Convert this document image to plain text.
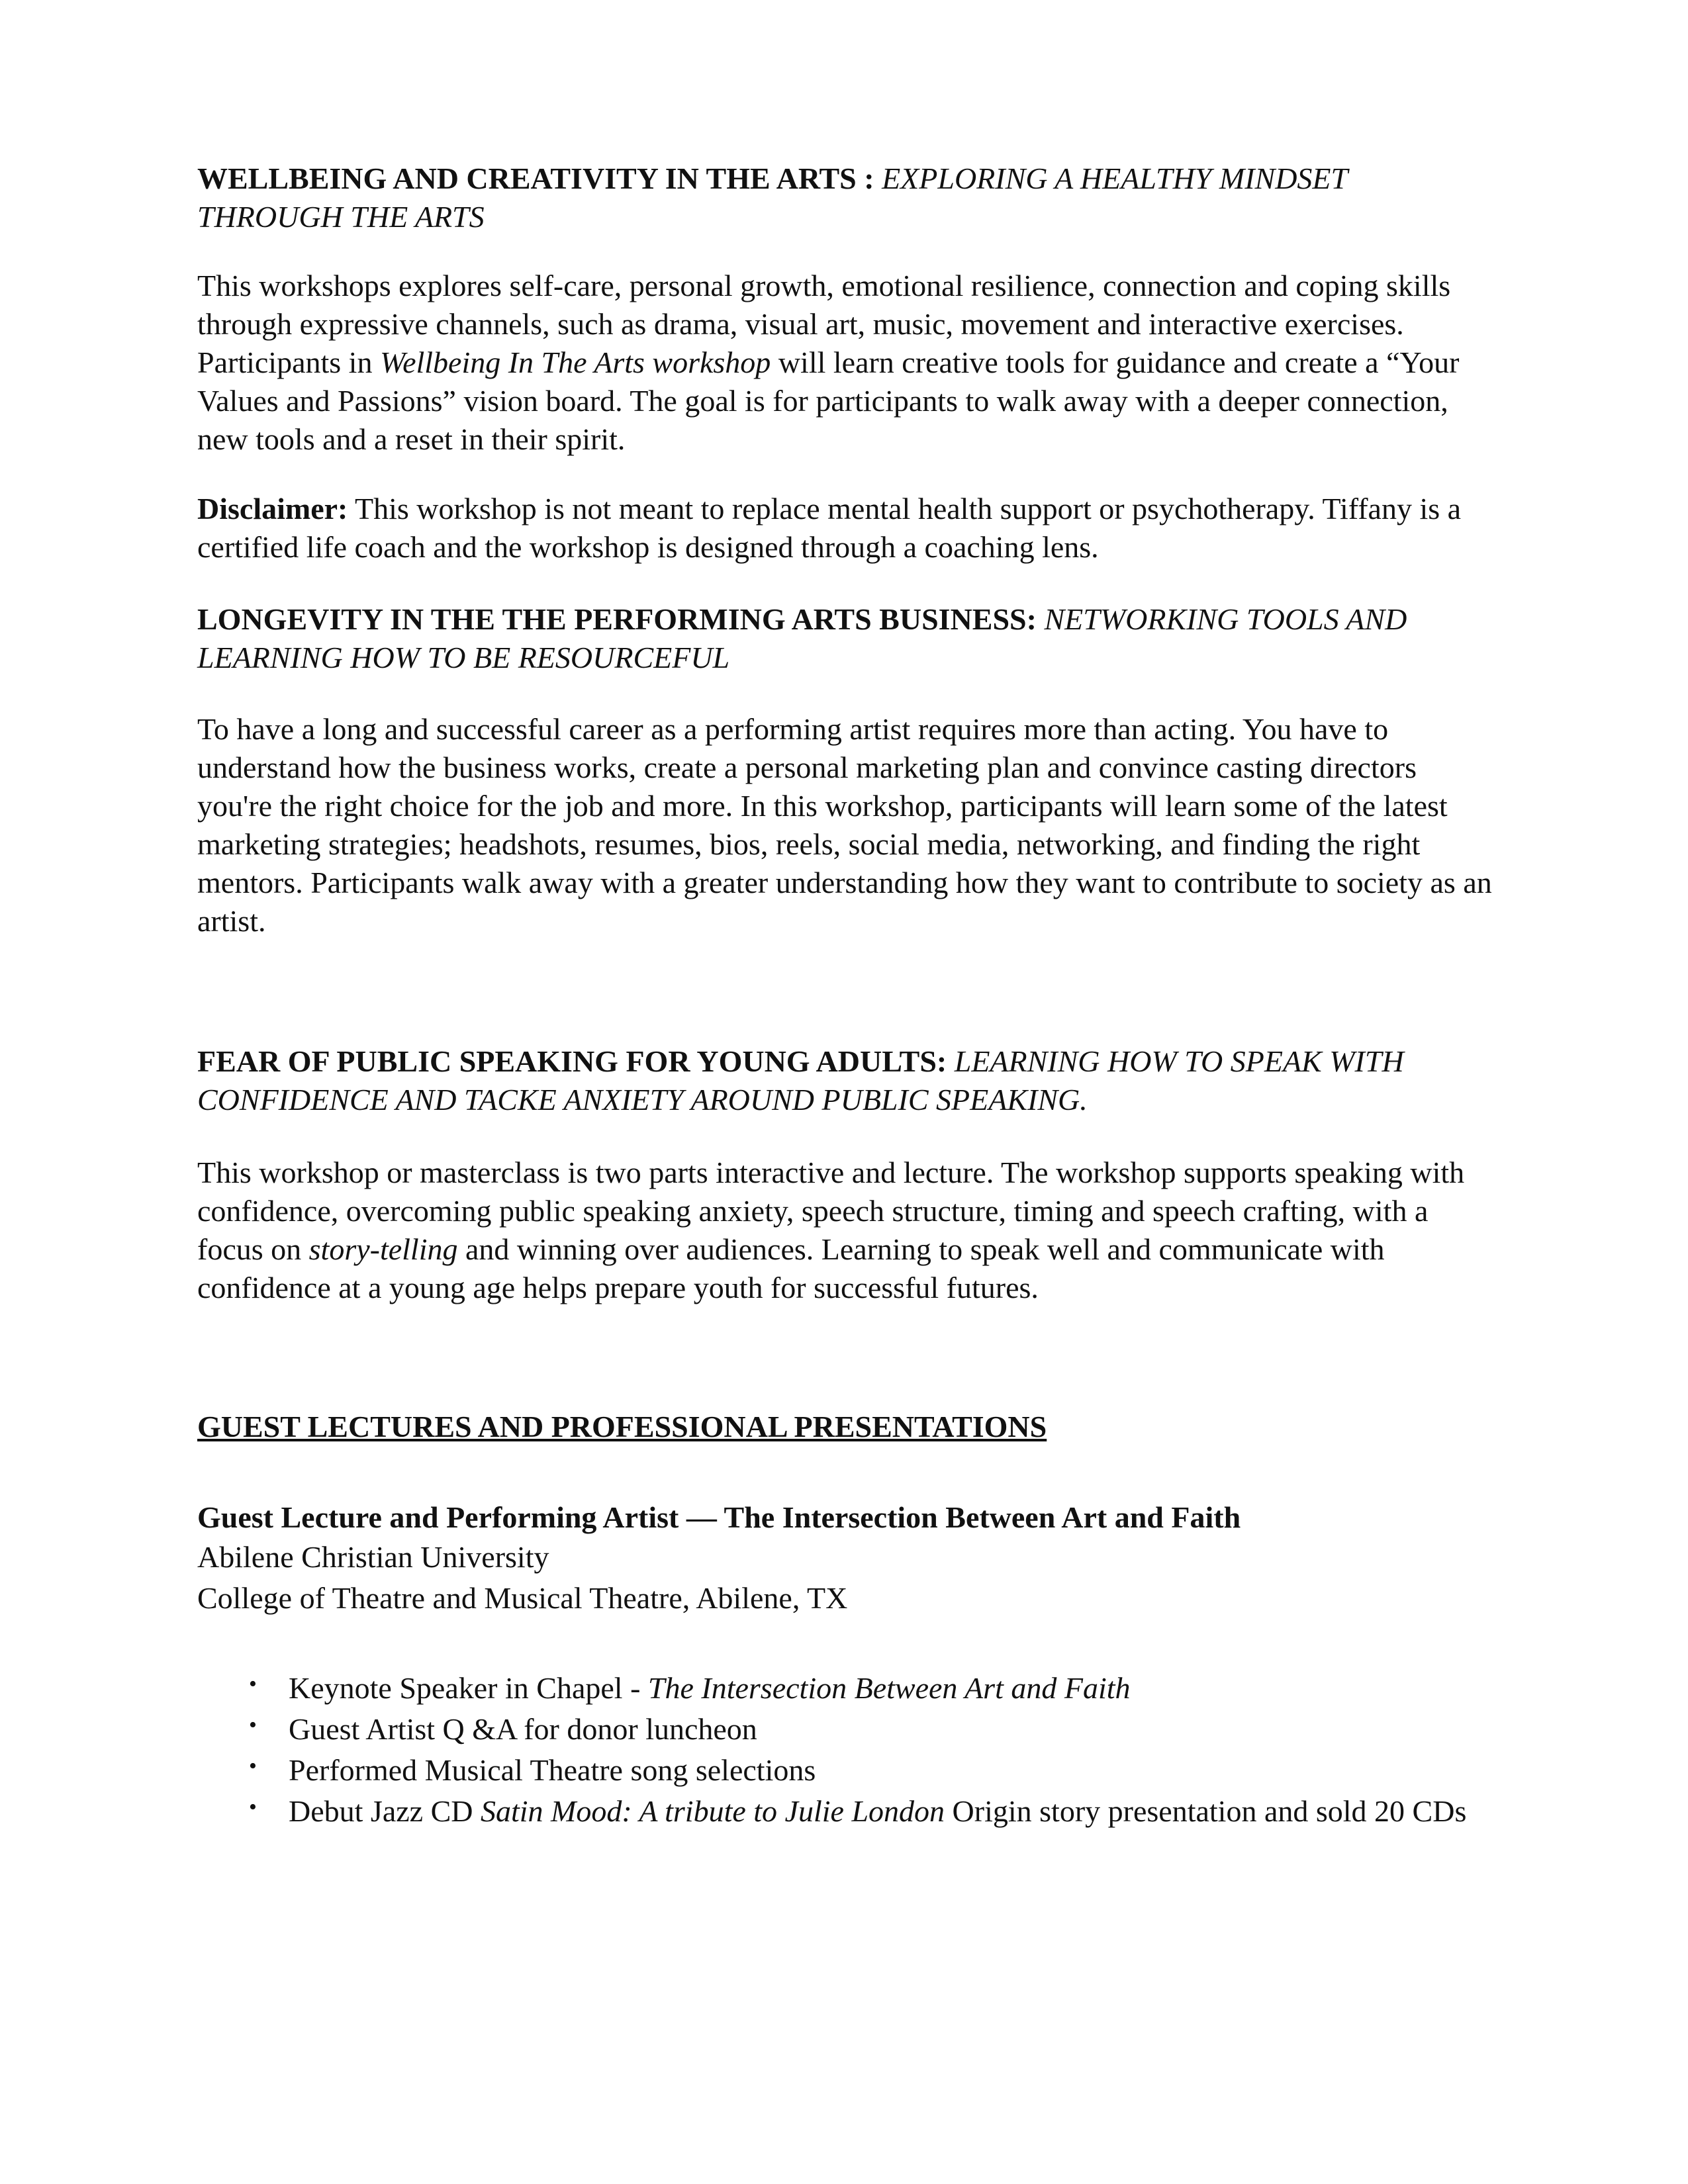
WELLBEING AND CREATIVITY IN THE ARTS : EXPLORING A HEALTHY MINDSET THROUGH THE ARTS

This workshops explores self-care, personal growth, emotional resilience, connection and coping skills through expressive channels, such as drama, visual art, music, movement and interactive exercises. Participants in Wellbeing In The Arts workshop will learn creative tools for guidance and create a “Your Values and Passions” vision board. The goal is for participants to walk away with a deeper connection, new tools and a reset in their spirit.

Disclaimer: This workshop is not meant to replace mental health support or psychotherapy. Tiffany is a certified life coach and the workshop is designed through a coaching lens.

LONGEVITY IN THE THE PERFORMING ARTS BUSINESS: NETWORKING TOOLS AND LEARNING HOW TO BE RESOURCEFUL

To have a long and successful career as a performing artist requires more than acting. You have to understand how the business works, create a personal marketing plan and convince casting directors you're the right choice for the job and more. In this workshop, participants will learn some of the latest marketing strategies; headshots, resumes, bios, reels, social media, networking, and finding the right mentors. Participants walk away with a greater understanding how they want to contribute to society as an artist.

FEAR OF PUBLIC SPEAKING FOR YOUNG ADULTS: LEARNING HOW TO SPEAK WITH CONFIDENCE AND TACKE ANXIETY AROUND PUBLIC SPEAKING.

This workshop or masterclass is two parts interactive and lecture. The workshop supports speaking with confidence, overcoming public speaking anxiety, speech structure, timing and speech crafting, with a focus on story-telling and winning over audiences. Learning to speak well and communicate with confidence at a young age helps prepare youth for successful futures.

GUEST LECTURES AND PROFESSIONAL PRESENTATIONS

Guest Lecture and Performing Artist — The Intersection Between Art and Faith

Abilene Christian University

College of Theatre and Musical Theatre, Abilene, TX

• Keynote Speaker in Chapel - The Intersection Between Art and Faith
• Guest Artist Q &A for donor luncheon
• Performed Musical Theatre song selections
• Debut Jazz CD Satin Mood: A tribute to Julie London Origin story presentation and sold 20 CDs
